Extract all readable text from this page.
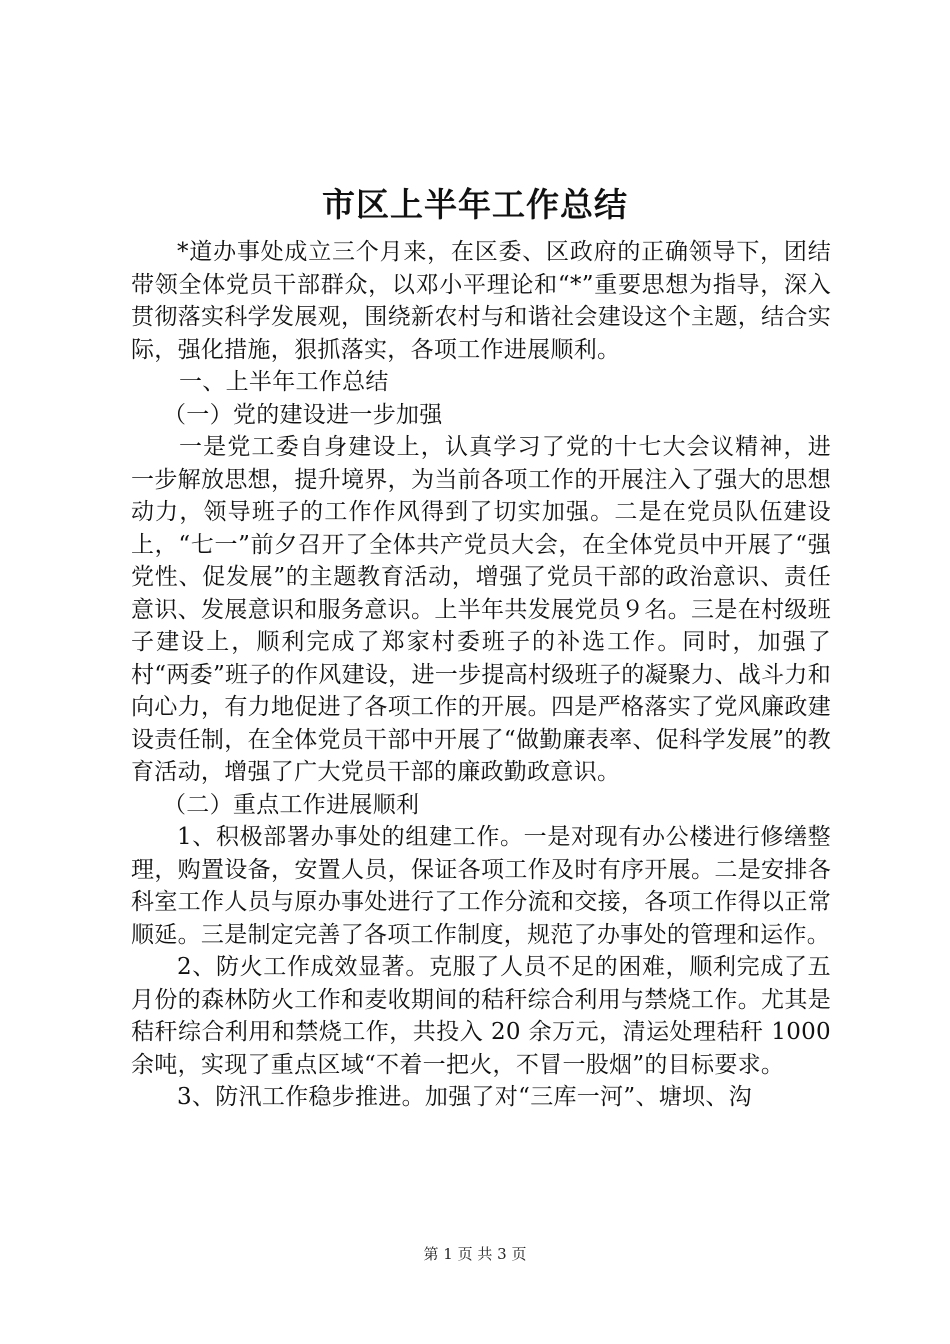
市区上半年工作总结

*道办事处成立三个月来，在区委、区政府的正确领导下，团结带领全体党员干部群众，以邓小平理论和“*”重要思想为指导，深入贯彻落实科学发展观，围绕新农村与和谐社会建设这个主题，结合实际，强化措施，狠抓落实，各项工作进展顺利。

一、上半年工作总结

（一）党的建设进一步加强

一是党工委自身建设上，认真学习了党的十七大会议精神，进一步解放思想，提升境界，为当前各项工作的开展注入了强大的思想动力，领导班子的工作作风得到了切实加强。二是在党员队伍建设上，“七一”前夕召开了全体共产党员大会，在全体党员中开展了“强党性、促发展”的主题教育活动，增强了党员干部的政治意识、责任意识、发展意识和服务意识。上半年共发展党员９名。三是在村级班子建设上，顺利完成了郑家村委班子的补选工作。同时，加强了村“两委”班子的作风建设，进一步提高村级班子的凝聚力、战斗力和向心力，有力地促进了各项工作的开展。四是严格落实了党风廉政建设责任制，在全体党员干部中开展了“做勤廉表率、促科学发展”的教育活动，增强了广大党员干部的廉政勤政意识。

（二）重点工作进展顺利

1、积极部署办事处的组建工作。一是对现有办公楼进行修缮整理，购置设备，安置人员，保证各项工作及时有序开展。二是安排各科室工作人员与原办事处进行了工作分流和交接，各项工作得以正常顺延。三是制定完善了各项工作制度，规范了办事处的管理和运作。

2、防火工作成效显著。克服了人员不足的困难，顺利完成了五月份的森林防火工作和麦收期间的秸秆综合利用与禁烧工作。尤其是秸秆综合利用和禁烧工作，共投入 20 余万元，清运处理秸秆 1000 余吨，实现了重点区域“不着一把火，不冒一股烟”的目标要求。

3、防汛工作稳步推进。加强了对“三库一河”、塘坝、沟

第 1 页 共 3 页
